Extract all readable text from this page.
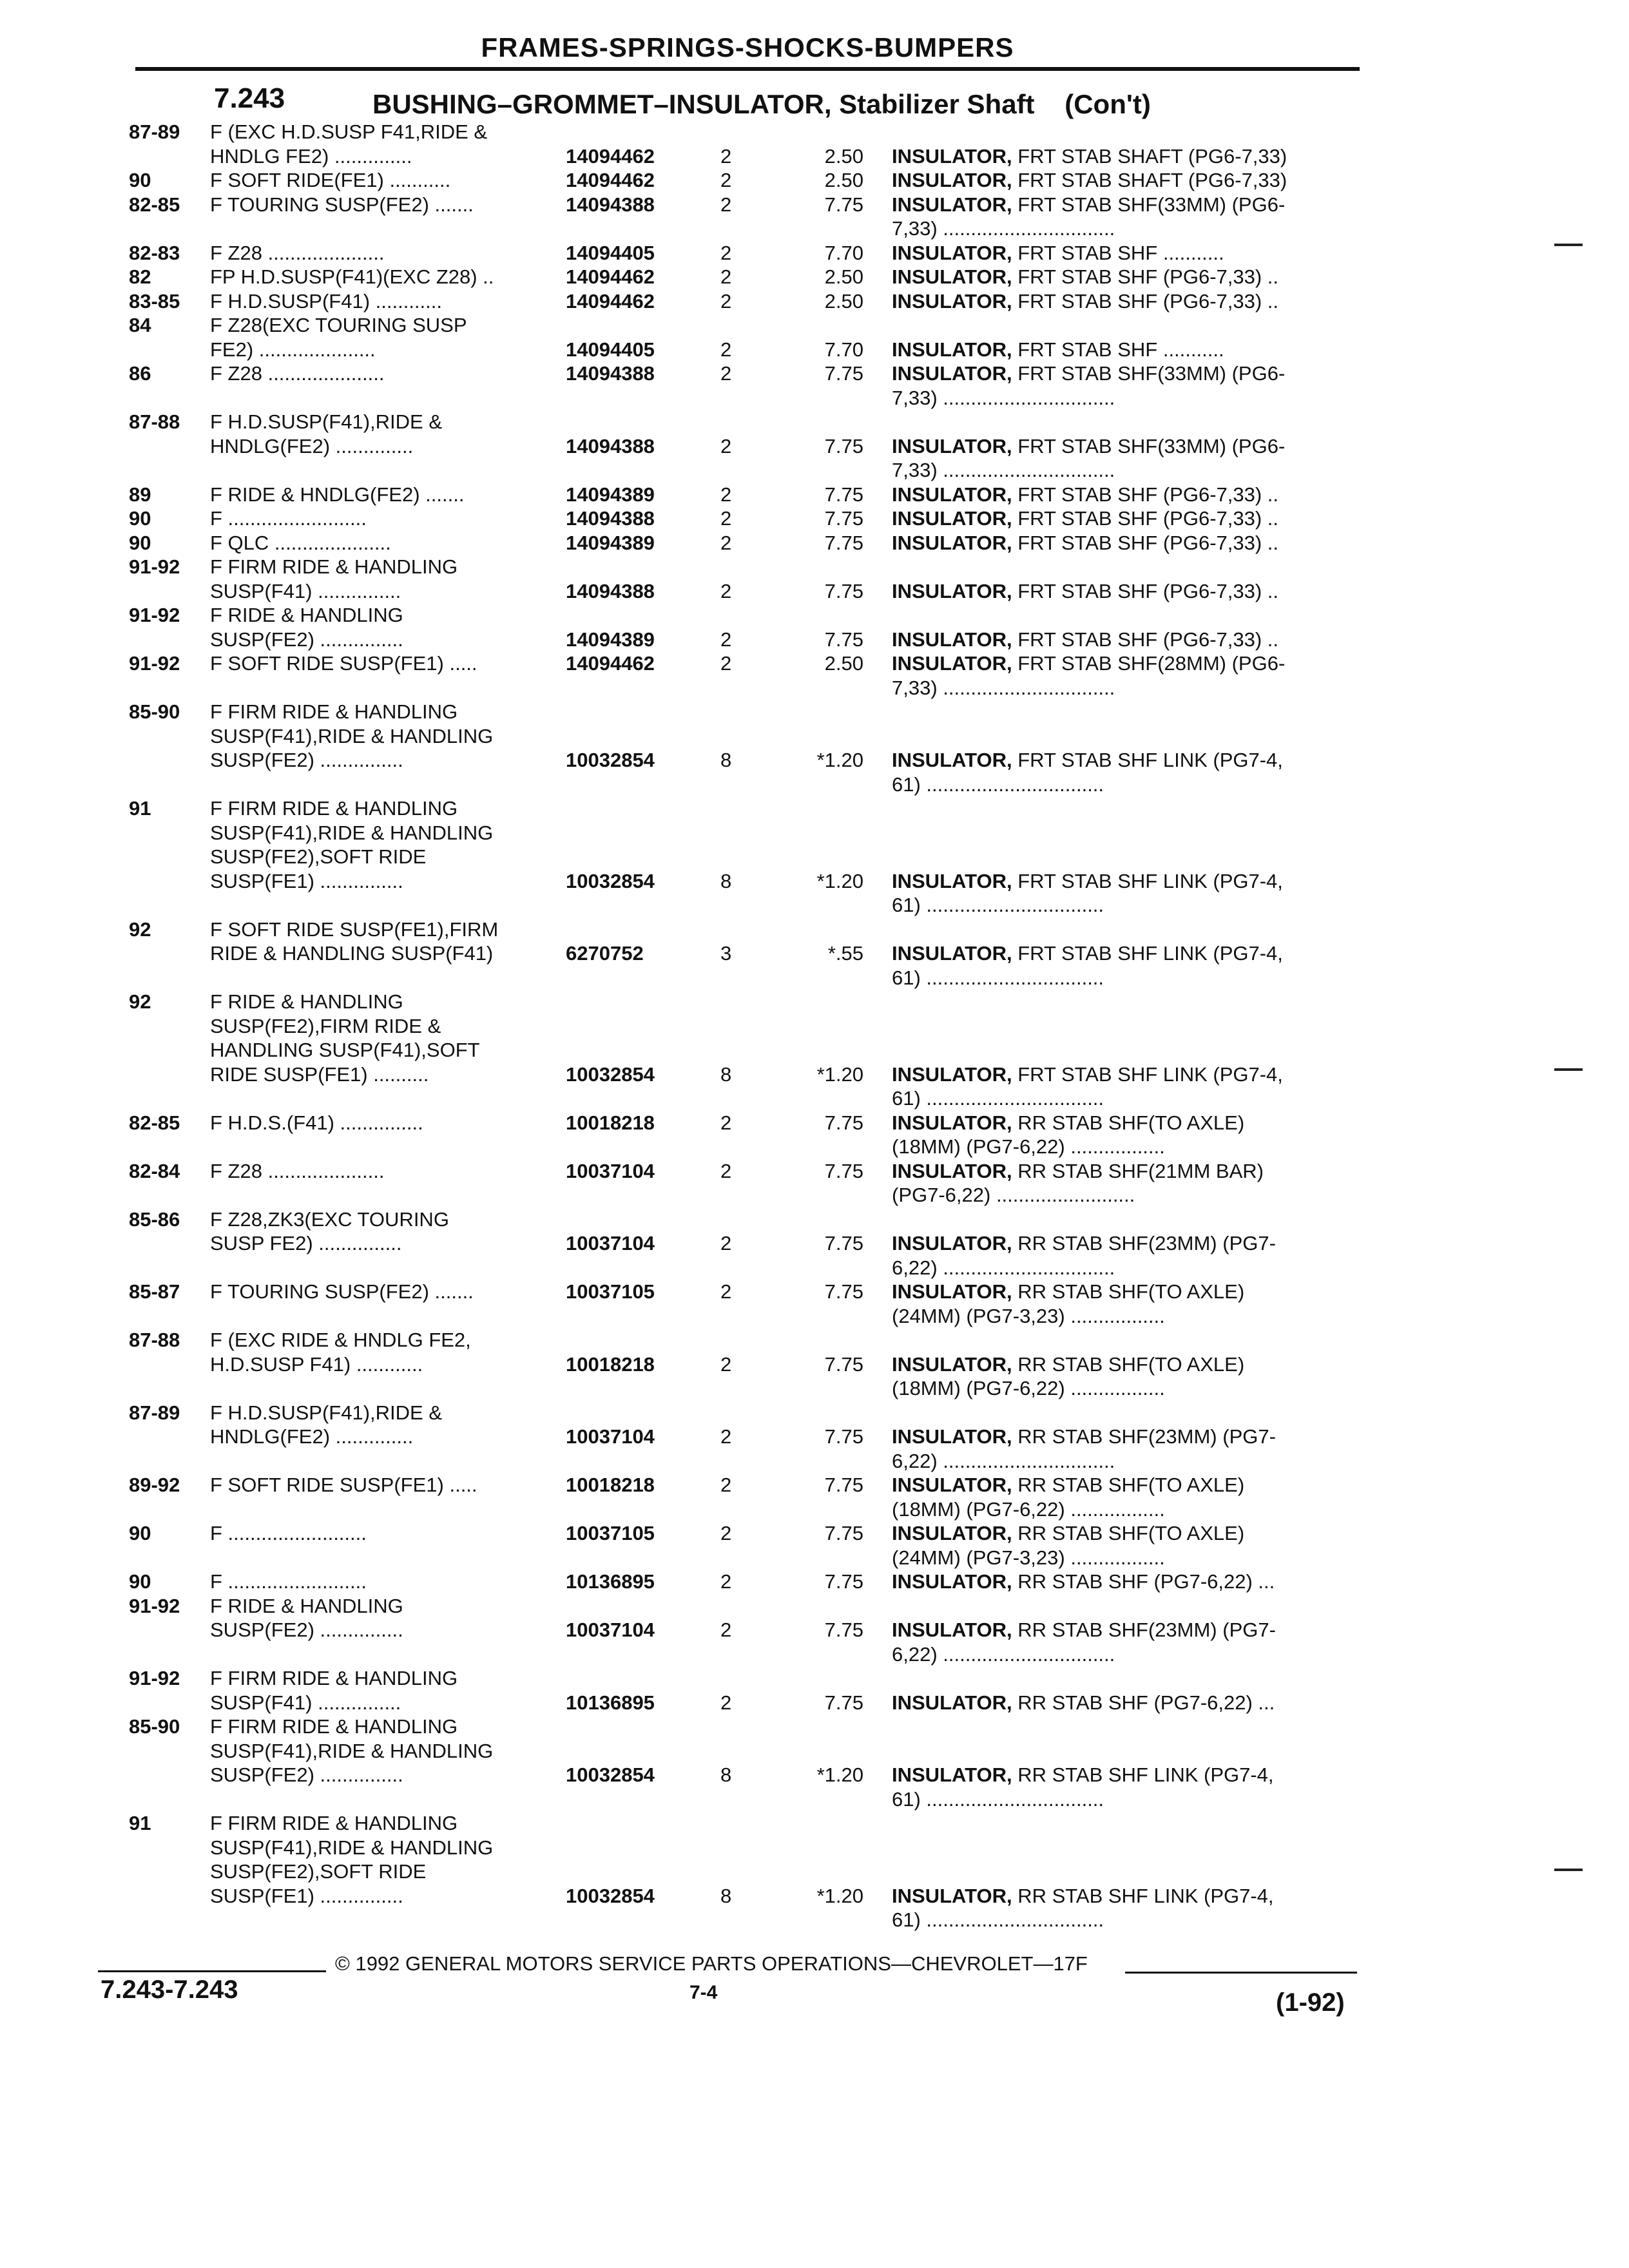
FRAMES-SPRINGS-SHOCKS-BUMPERS
7.243	BUSHING–GROMMET–INSULATOR, Stabilizer Shaft (Con't)
87-89 F (EXC H.D.SUSP F41,RIDE &
HNDLG FE2) ..............	14094462	2	2.50 INSULATOR, FRT STAB SHAFT (PG6-7,33)
90	F SOFT RIDE(FE1) ...........	14094462	2	2.50 INSULATOR, FRT STAB SHAFT (PG6-7,33)
82-85 F TOURING SUSP(FE2) .......	14094388	2	7.75 INSULATOR, FRT STAB SHF(33MM) (PG6-
7,33) ...............................
82-83 F Z28 .....................	14094405	2	7.70 INSULATOR, FRT STAB SHF ...........
82	FP H.D.SUSP(F41)(EXC Z28) ..	14094462	2	2.50 INSULATOR, FRT STAB SHF (PG6-7,33) ..
83-85 F H.D.SUSP(F41) ............	14094462	2	2.50 INSULATOR, FRT STAB SHF (PG6-7,33) ..
84	F Z28(EXC TOURING SUSP
FE2) .....................	14094405	2	7.70 INSULATOR, FRT STAB SHF ...........
86	F Z28 .....................	14094388	2	7.75 INSULATOR, FRT STAB SHF(33MM) (PG6-
7,33) ...............................
87-88 F H.D.SUSP(F41),RIDE &
HNDLG(FE2) ..............	14094388	2	7.75 INSULATOR, FRT STAB SHF(33MM) (PG6-
7,33) ...............................
89	F RIDE & HNDLG(FE2) .......	14094389	2	7.75 INSULATOR, FRT STAB SHF (PG6-7,33) ..
90	F .........................	14094388	2	7.75 INSULATOR, FRT STAB SHF (PG6-7,33) ..
90	F QLC .....................	14094389	2	7.75 INSULATOR, FRT STAB SHF (PG6-7,33) ..
91-92 F FIRM RIDE & HANDLING
SUSP(F41) ...............	14094388	2	7.75 INSULATOR, FRT STAB SHF (PG6-7,33) ..
91-92 F RIDE & HANDLING
SUSP(FE2) ...............	14094389	2	7.75 INSULATOR, FRT STAB SHF (PG6-7,33) ..
91-92 F SOFT RIDE SUSP(FE1) .....	14094462	2	2.50 INSULATOR, FRT STAB SHF(28MM) (PG6-
7,33) ...............................
85-90 F FIRM RIDE & HANDLING
SUSP(F41),RIDE & HANDLING
SUSP(FE2) ...............	10032854	8	*1.20 INSULATOR, FRT STAB SHF LINK (PG7-4,
61) ................................
91	F FIRM RIDE & HANDLING
SUSP(F41),RIDE & HANDLING
SUSP(FE2),SOFT RIDE
SUSP(FE1) ...............	10032854	8	*1.20 INSULATOR, FRT STAB SHF LINK (PG7-4,
61) ................................
92	F SOFT RIDE SUSP(FE1),FIRM
RIDE & HANDLING SUSP(F41)	6270752	3	*.55 INSULATOR, FRT STAB SHF LINK (PG7-4,
61) ................................
92	F RIDE & HANDLING
SUSP(FE2),FIRM RIDE &
HANDLING SUSP(F41),SOFT
RIDE SUSP(FE1) ..........	10032854	8	*1.20 INSULATOR, FRT STAB SHF LINK (PG7-4,
61) ................................
82-85 F H.D.S.(F41) ...............	10018218	2	7.75 INSULATOR, RR STAB SHF(TO AXLE)
(18MM) (PG7-6,22) .................
82-84 F Z28 .....................	10037104	2	7.75 INSULATOR, RR STAB SHF(21MM BAR)
(PG7-6,22) .........................
85-86 F Z28,ZK3(EXC TOURING
SUSP FE2) ...............	10037104	2	7.75 INSULATOR, RR STAB SHF(23MM) (PG7-
6,22) ...............................
85-87 F TOURING SUSP(FE2) .......	10037105	2	7.75 INSULATOR, RR STAB SHF(TO AXLE)
(24MM) (PG7-3,23) .................
87-88 F (EXC RIDE & HNDLG FE2,
H.D.SUSP F41) ............	10018218	2	7.75 INSULATOR, RR STAB SHF(TO AXLE)
(18MM) (PG7-6,22) .................
87-89 F H.D.SUSP(F41),RIDE &
HNDLG(FE2) ..............	10037104	2	7.75 INSULATOR, RR STAB SHF(23MM) (PG7-
6,22) ...............................
89-92 F SOFT RIDE SUSP(FE1) .....	10018218	2	7.75 INSULATOR, RR STAB SHF(TO AXLE)
(18MM) (PG7-6,22) .................
90	F .........................	10037105	2	7.75 INSULATOR, RR STAB SHF(TO AXLE)
(24MM) (PG7-3,23) .................
90	F .........................	10136895	2	7.75 INSULATOR, RR STAB SHF (PG7-6,22) ...
91-92 F RIDE & HANDLING
SUSP(FE2) ...............	10037104	2	7.75 INSULATOR, RR STAB SHF(23MM) (PG7-
6,22) ...............................
91-92 F FIRM RIDE & HANDLING
SUSP(F41) ...............	10136895	2	7.75 INSULATOR, RR STAB SHF (PG7-6,22) ...
85-90 F FIRM RIDE & HANDLING
SUSP(F41),RIDE & HANDLING
SUSP(FE2) ...............	10032854	8	*1.20 INSULATOR, RR STAB SHF LINK (PG7-4,
61) ................................
91	F FIRM RIDE & HANDLING
SUSP(F41),RIDE & HANDLING
SUSP(FE2),SOFT RIDE
SUSP(FE1) ...............	10032854	8	*1.20 INSULATOR, RR STAB SHF LINK (PG7-4,
61) ................................
© 1992 GENERAL MOTORS SERVICE PARTS OPERATIONS—CHEVROLET—17F
7.243-7.243	7-4	(1-92)
